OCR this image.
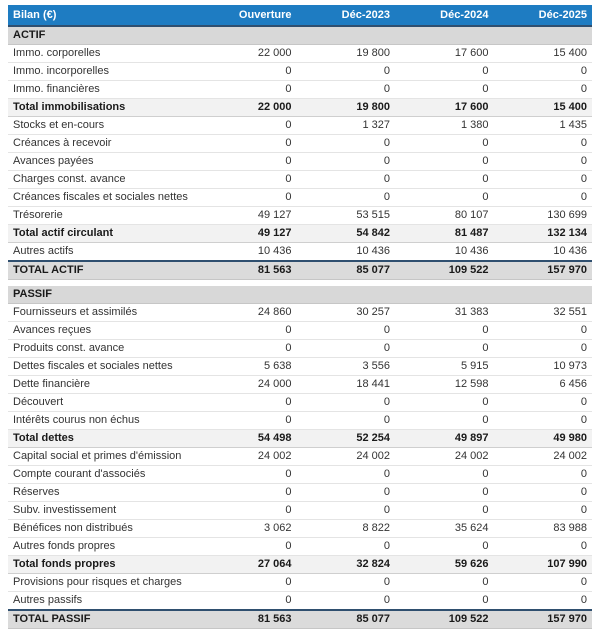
Bilan (€)	Ouverture	Déc-2023	Déc-2024	Déc-2025
ACTIF				
Immo. corporelles	22 000	19 800	17 600	15 400
Immo. incorporelles	0	0	0	0
Immo. financières	0	0	0	0
Total immobilisations	22 000	19 800	17 600	15 400
Stocks et en-cours	0	1 327	1 380	1 435
Créances à recevoir	0	0	0	0
Avances payées	0	0	0	0
Charges const. avance	0	0	0	0
Créances fiscales et sociales nettes	0	0	0	0
Trésorerie	49 127	53 515	80 107	130 699
Total actif circulant	49 127	54 842	81 487	132 134
Autres actifs	10 436	10 436	10 436	10 436
TOTAL ACTIF	81 563	85 077	109 522	157 970

PASSIF				
Fournisseurs et assimilés	24 860	30 257	31 383	32 551
Avances reçues	0	0	0	0
Produits const. avance	0	0	0	0
Dettes fiscales et sociales nettes	5 638	3 556	5 915	10 973
Dette financière	24 000	18 441	12 598	6 456
Découvert	0	0	0	0
Intérêts courus non échus	0	0	0	0
Total dettes	54 498	52 254	49 897	49 980
Capital social et primes d'émission	24 002	24 002	24 002	24 002
Compte courant d'associés	0	0	0	0
Réserves	0	0	0	0
Subv. investissement	0	0	0	0
Bénéfices non distribués	3 062	8 822	35 624	83 988
Autres fonds propres	0	0	0	0
Total fonds propres	27 064	32 824	59 626	107 990
Provisions pour risques et charges	0	0	0	0
Autres passifs	0	0	0	0
TOTAL PASSIF	81 563	85 077	109 522	157 970
